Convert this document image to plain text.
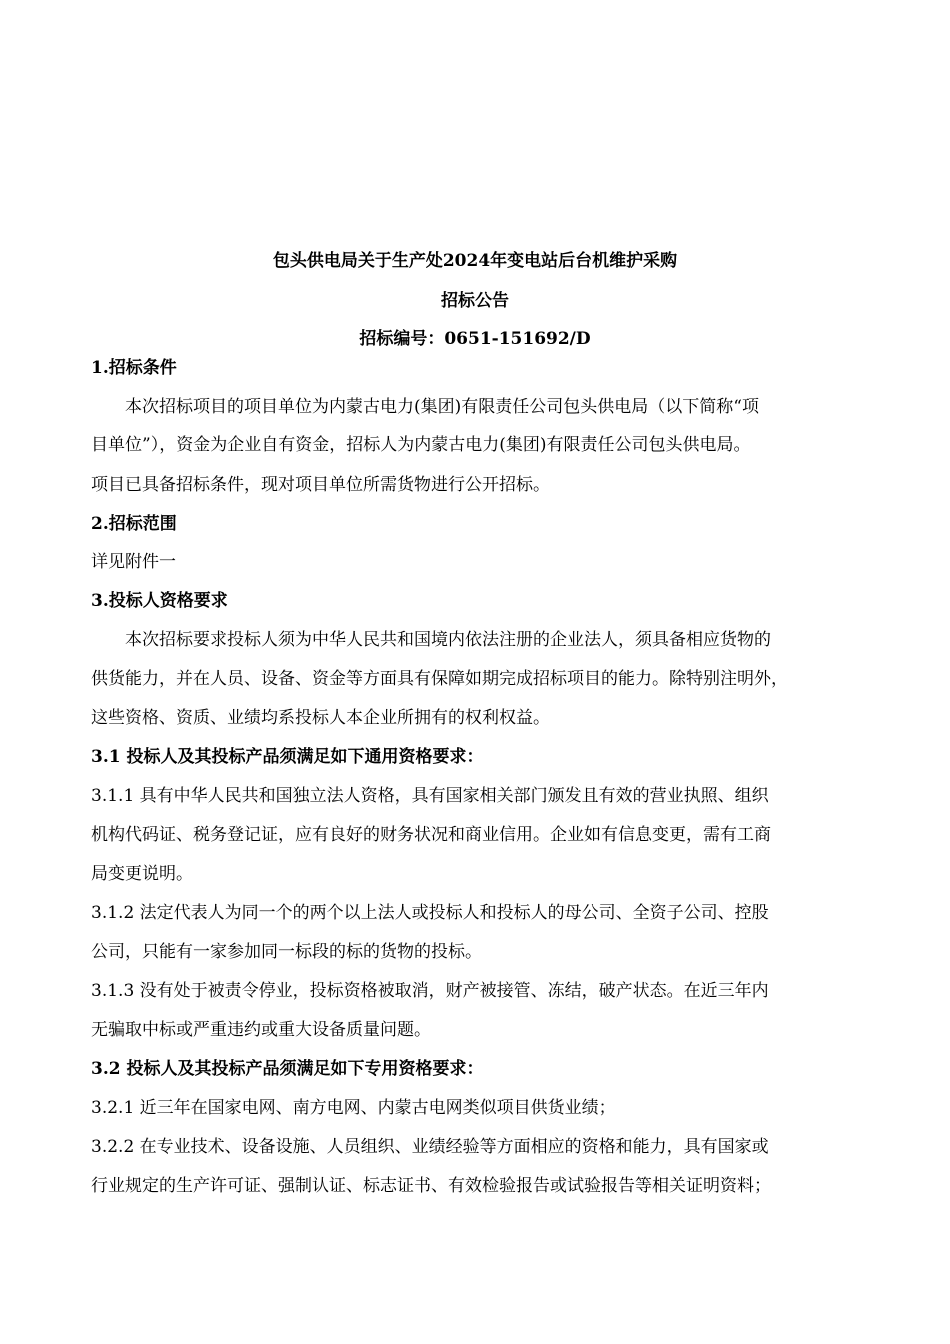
包头供电局关于生产处2024年变电站后台机维护采购
招标公告
招标编号：0651-151692/D
1.招标条件
本次招标项目的项目单位为内蒙古电力(集团)有限责任公司包头供电局（以下简称“项
目单位”），资金为企业自有资金，招标人为内蒙古电力(集团)有限责任公司包头供电局。
项目已具备招标条件，现对项目单位所需货物进行公开招标。
2.招标范围
详见附件一
3.投标人资格要求
本次招标要求投标人须为中华人民共和国境内依法注册的企业法人，须具备相应货物的
供货能力，并在人员、设备、资金等方面具有保障如期完成招标项目的能力。除特别注明外，
这些资格、资质、业绩均系投标人本企业所拥有的权利权益。
3.1 投标人及其投标产品须满足如下通用资格要求：
3.1.1 具有中华人民共和国独立法人资格，具有国家相关部门颁发且有效的营业执照、组织
机构代码证、税务登记证，应有良好的财务状况和商业信用。企业如有信息变更，需有工商
局变更说明。
3.1.2 法定代表人为同一个的两个以上法人或投标人和投标人的母公司、全资子公司、控股
公司，只能有一家参加同一标段的标的货物的投标。
3.1.3 没有处于被责令停业，投标资格被取消，财产被接管、冻结，破产状态。在近三年内
无骗取中标或严重违约或重大设备质量问题。
3.2 投标人及其投标产品须满足如下专用资格要求：
3.2.1 近三年在国家电网、南方电网、内蒙古电网类似项目供货业绩；
3.2.2 在专业技术、设备设施、人员组织、业绩经验等方面相应的资格和能力，具有国家或
行业规定的生产许可证、强制认证、标志证书、有效检验报告或试验报告等相关证明资料；
